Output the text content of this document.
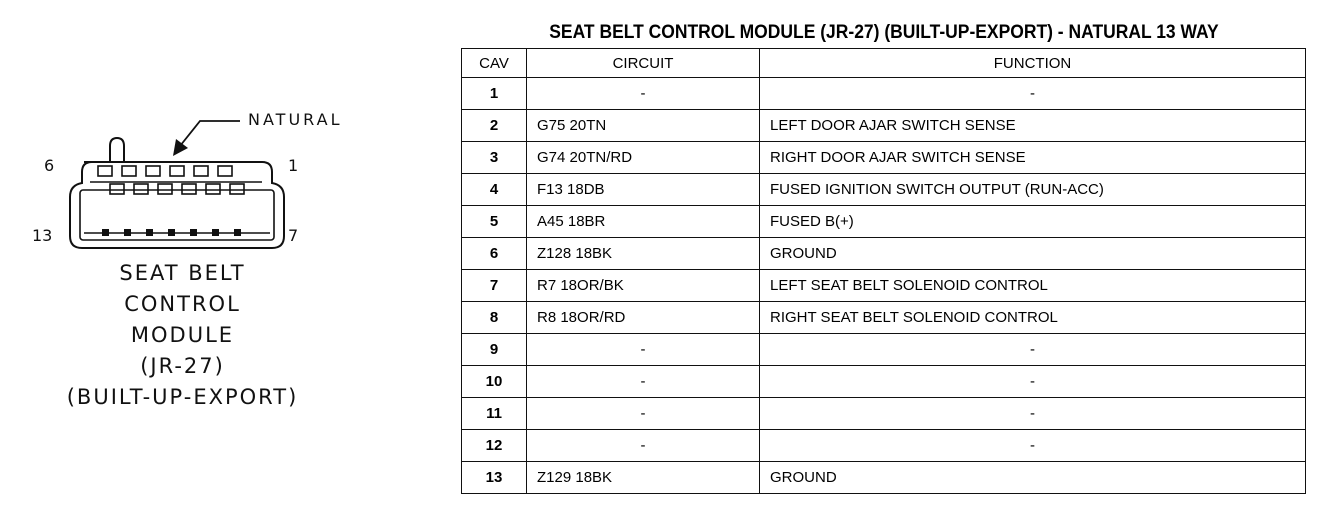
NATURAL
6	1
13	7
SEAT BELT
CONTROL
MODULE
(JR-27)
(BUILT-UP-EXPORT)
SEAT BELT CONTROL MODULE (JR-27) (BUILT-UP-EXPORT) - NATURAL 13 WAY
CAV	CIRCUIT	FUNCTION
1	-	-
2	G75 20TN	LEFT DOOR AJAR SWITCH SENSE
3	G74 20TN/RD	RIGHT DOOR AJAR SWITCH SENSE
4	F13 18DB	FUSED IGNITION SWITCH OUTPUT (RUN-ACC)
5	A45 18BR	FUSED B(+)
6	Z128 18BK	GROUND
7	R7 18OR/BK	LEFT SEAT BELT SOLENOID CONTROL
8	R8 18OR/RD	RIGHT SEAT BELT SOLENOID CONTROL
9	-	-
10	-	-
11	-	-
12	-	-
13	Z129 18BK	GROUND
